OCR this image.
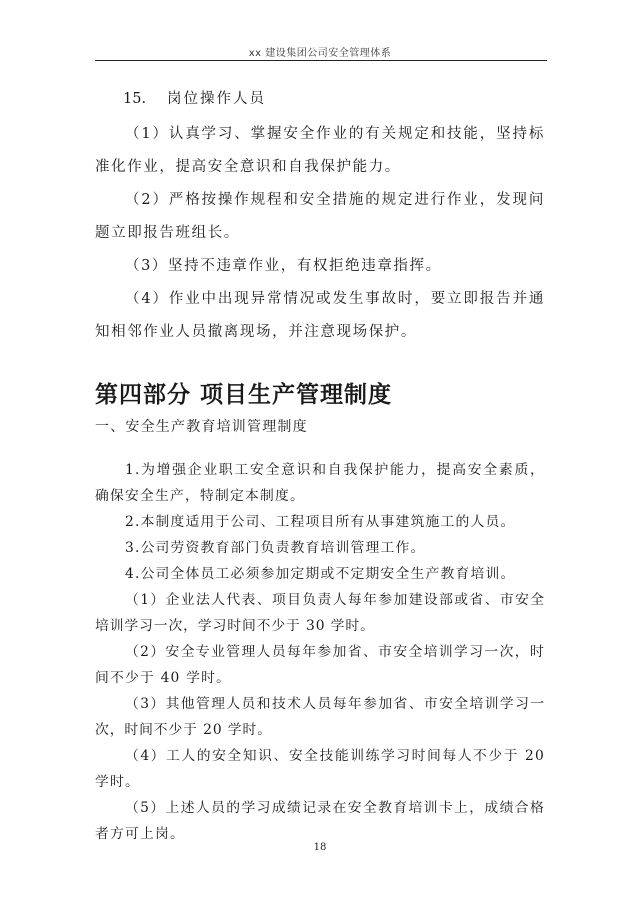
xx 建设集团公司安全管理体系
15. 岗位操作人员

（1）认真学习、掌握安全作业的有关规定和技能，坚持标准化作业，提高安全意识和自我保护能力。

（2）严格按操作规程和安全措施的规定进行作业，发现问题立即报告班组长。

（3）坚持不违章作业，有权拒绝违章指挥。

（4）作业中出现异常情况或发生事故时，要立即报告并通知相邻作业人员撤离现场，并注意现场保护。

第四部分 项目生产管理制度
一、安全生产教育培训管理制度

1.为增强企业职工安全意识和自我保护能力，提高安全素质，确保安全生产，特制定本制度。

2.本制度适用于公司、工程项目所有从事建筑施工的人员。

3.公司劳资教育部门负责教育培训管理工作。

4.公司全体员工必须参加定期或不定期安全生产教育培训。

（1）企业法人代表、项目负责人每年参加建设部或省、市安全培训学习一次，学习时间不少于 30 学时。

（2）安全专业管理人员每年参加省、市安全培训学习一次，时间不少于 40 学时。

（3）其他管理人员和技术人员每年参加省、市安全培训学习一次，时间不少于 20 学时。

（4）工人的安全知识、安全技能训练学习时间每人不少于 20 学时。

（5）上述人员的学习成绩记录在安全教育培训卡上，成绩合格者方可上岗。

18
